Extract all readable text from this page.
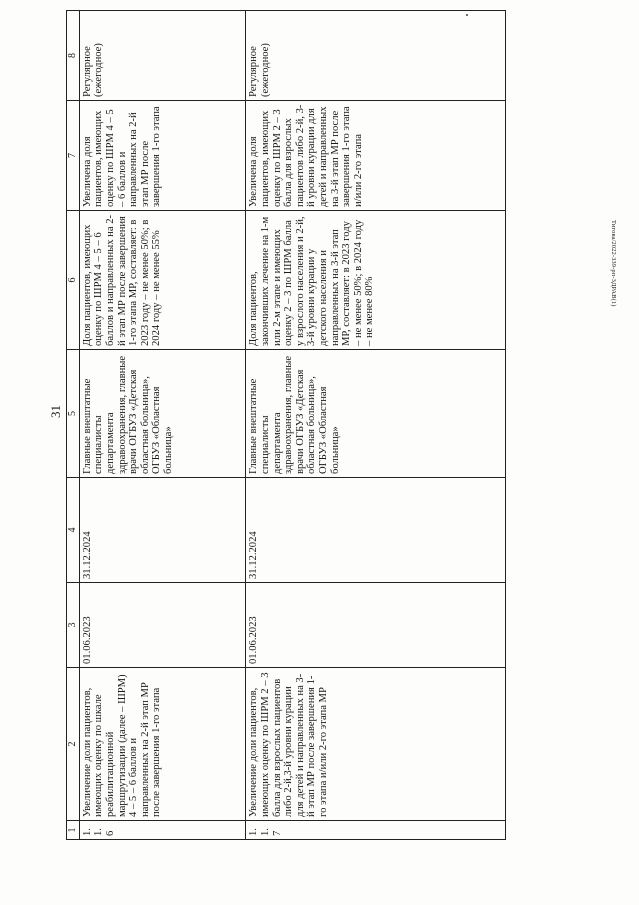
31
Тигова/2022-339-рп-3ДРАВ(1)
1	2	3	4	5	6	7	8
1.1.6	Увеличение доли пациентов, имеющих оценку по шкале реабилитационной маршрутизации (далее – ШРМ) 4 – 5 – 6 баллов и направленных на 2-й этап МР после завершения 1-го этапа	01.06.2023	31.12.2024	Главные внештатные специалисты департамента здравоохранения, главные врачи ОГБУЗ «Детская областная больница», ОГБУЗ «Областная больница»	Доля пациентов, имеющих оценку по ШРМ 4 – 5 – 6 баллов и направленных на 2-й этап МР после завершения 1-го этапа МР, составляет: в 2023 году – не менее 50%; в 2024 году – не менее 55%	Увеличена доля пациентов, имеющих оценку по ШРМ 4 – 5 – 6 баллов и направленных на 2-й этап МР после завершения 1-го этапа	Регулярное (ежегодное)
1.1.7	Увеличение доли пациентов, имеющих оценку по ШРМ 2 – 3 балла для взрослых пациентов либо 2-й,3-й уровни курации для детей и направленных на 3-й этап МР после завершения 1-го этапа и/или 2-го этапа МР	01.06.2023	31.12.2024	Главные внештатные специалисты департамента здравоохранения, главные врачи ОГБУЗ «Детская областная больница», ОГБУЗ «Областная больница»	Доля пациентов, закончивших лечение на 1-м или 2-м этапе и имеющих оценку 2 – 3 по ШРМ балла у взрослого населения и 2-й, 3-й уровни курации у детского населения и направленных на 3-й этап МР, составляет: в 2023 году – не менее 50%; в 2024 году – не менее 80%	Увеличена доля пациентов, имеющих оценку по ШРМ 2 – 3 балла для взрослых пациентов либо 2-й, 3-й уровни курации для детей и направленных на 3-й этап МР после завершения 1-го этапа и/или 2-го этапа	Регулярное (ежегодное)
